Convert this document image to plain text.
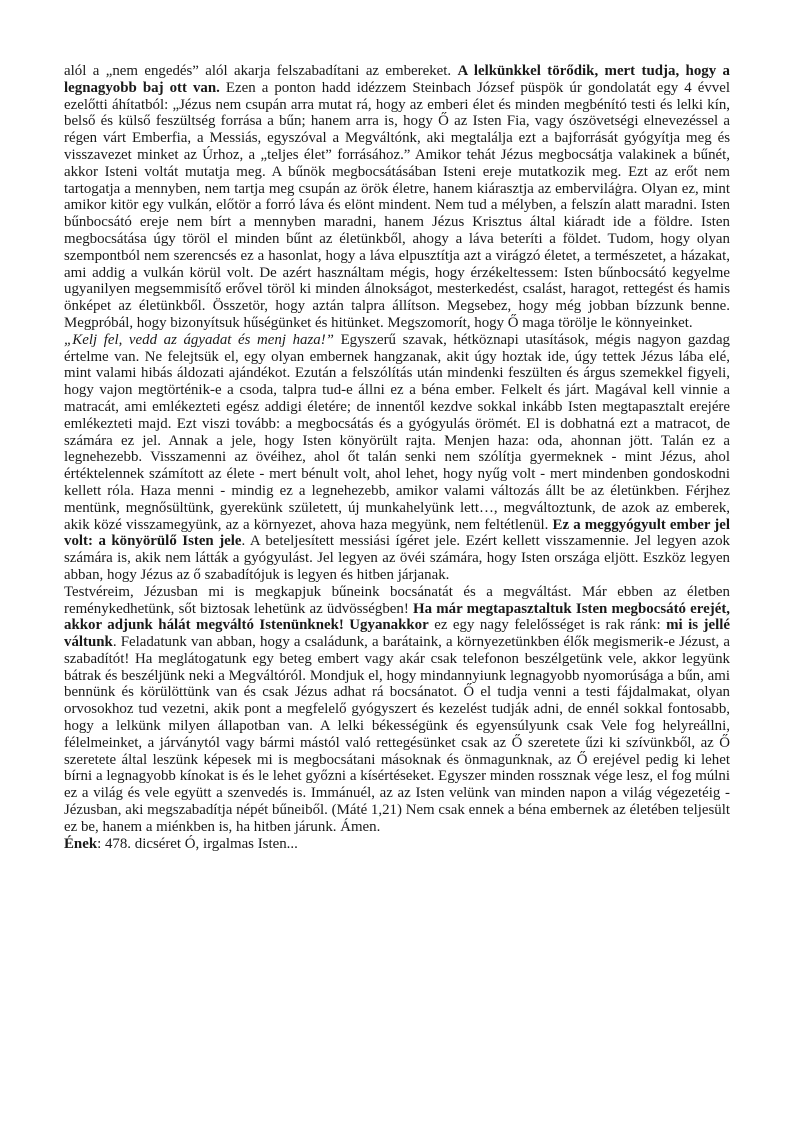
alól a „nem engedés” alól akarja felszabadítani az embereket. A lelkünkkel törődik, mert tudja, hogy a legnagyobb baj ott van. Ezen a ponton hadd idézzem Steinbach József püspök úr gondolatát egy 4 évvel ezelőtti áhítatból: „Jézus nem csupán arra mutat rá, hogy az emberi élet és minden megbénító testi és lelki kín, belső és külső feszültség forrása a bűn; hanem arra is, hogy Ő az Isten Fia, vagy ószövetségi elnevezéssel a régen várt Emberfia, a Messiás, egyszóval a Megváltónk, aki megtalálja ezt a bajforrását gyógyítja meg és visszavezet minket az Úrhoz, a „teljes élet” forrásához.” Amikor tehát Jézus megbocsátja valakinek a bűnét, akkor Isteni voltát mutatja meg. A bűnök megbocsátásában Isteni ereje mutatkozik meg. Ezt az erőt nem tartogatja a mennyben, nem tartja meg csupán az örök életre, hanem kiárasztja az emberviláġra. Olyan ez, mint amikor kitör egy vulkán, előtör a forró láva és elönt mindent. Nem tud a mélyben, a felszín alatt maradni. Isten bűnbocsátó ereje nem bírt a mennyben maradni, hanem Jézus Krisztus által kiáradt ide a földre. Isten megbocsátása úgy töröl el minden bűnt az életünkből, ahogy a láva beteríti a földet. Tudom, hogy olyan szempontból nem szerencsés ez a hasonlat, hogy a láva elpusztítja azt a virágzó életet, a természetet, a házakat, ami addig a vulkán körül volt. De azért használtam mégis, hogy érzékeltessem: Isten bűnbocsátó kegyelme ugyanilyen megsemmisítő erővel töröl ki minden álnokságot, mesterkedést, csalást, haragot, rettegést és hamis önképet az életünkből. Összetör, hogy aztán talpra állítson. Megsebez, hogy még jobban bízzunk benne. Megpróbál, hogy bizonyítsuk hűségünket és hitünket. Megszomorít, hogy Ő maga törölje le könnyeinket.

„Kelj fel, vedd az ágyadat és menj haza!” Egyszerű szavak, hétköznapi utasítások, mégis nagyon gazdag értelme van. Ne felejtsük el, egy olyan embernek hangzanak, akit úgy hoztak ide, úgy tettek Jézus lába elé, mint valami hibás áldozati ajándékot. Ezután a felszólítás után mindenki feszülten és árgus szemekkel figyeli, hogy vajon megtörténik-e a csoda, talpra tud-e állni ez a béna ember. Felkelt és járt. Magával kell vinnie a matracát, ami emlékezteti egész addigi életére; de innentől kezdve sokkal inkább Isten megtapasztalt erejére emlékezteti majd. Ezt viszi tovább: a megbocsátás és a gyógyulás örömét. El is dobhatná ezt a matracot, de számára ez jel. Annak a jele, hogy Isten könyörült rajta. Menjen haza: oda, ahonnan jött. Talán ez a legnehezebb. Visszamenni az övéihez, ahol őt talán senki nem szólítja gyermeknek - mint Jézus, ahol értéktelennek számított az élete - mert bénult volt, ahol lehet, hogy nyűg volt - mert mindenben gondoskodni kellett róla. Haza menni - mindig ez a legnehezebb, amikor valami változás állt be az életünkben. Férjhez mentünk, megnősültünk, gyerekünk született, új munkahelyünk lett…, megváltoztunk, de azok az emberek, akik közé visszamegyünk, az a környezet, ahova haza megyünk, nem feltétlenül. Ez a meggyógyult ember jel volt: a könyörülő Isten jele. A beteljesített messiási ígéret jele. Ezért kellett visszamennie. Jel legyen azok számára is, akik nem látták a gyógyulást. Jel legyen az övéi számára, hogy Isten országa eljött. Eszköz legyen abban, hogy Jézus az ő szabadítójuk is legyen és hitben járjanak.

Testvéreim, Jézusban mi is megkapjuk bűneink bocsánatát és a megváltást. Már ebben az életben reménykedhetünk, sőt biztosak lehetünk az üdvösségben! Ha már megtapasztaltuk Isten megbocsátó erejét, akkor adjunk hálát megváltó Istenünknek! Ugyanakkor ez egy nagy felelősséget is rak ránk: mi is jellé váltunk. Feladatunk van abban, hogy a családunk, a barátaink, a környezetünkben élők megismerik-e Jézust, a szabadítót! Ha meglátogatunk egy beteg embert vagy akár csak telefonon beszélgetünk vele, akkor legyünk bátrak és beszéljünk neki a Megváltóról. Mondjuk el, hogy mindannyiunk legnagyobb nyomorúsága a bűn, ami bennünk és körülöttünk van és csak Jézus adhat rá bocsánatot. Ő el tudja venni a testi fájdalmakat, olyan orvosokhoz tud vezetni, akik pont a megfelelő gyógyszert és kezelést tudják adni, de ennél sokkal fontosabb, hogy a lelkünk milyen állapotban van. A lelki békességünk és egyensúlyunk csak Vele fog helyreállni, félelmeinket, a járványtól vagy bármi mástól való rettegésünket csak az Ő szeretete űzi ki szívünkből, az Ő szeretete által leszünk képesek mi is megbocsátani másoknak és önmagunknak, az Ő erejével pedig ki lehet bírni a legnagyobb kínokat is és le lehet győzni a kísértéseket. Egyszer minden rossznak vége lesz, el fog múlni ez a világ és vele együtt a szenvedés is. Immánuél, az az Isten velünk van minden napon a világ végezetéig - Jézusban, aki megszabadítja népét bűneiből. (Máté 1,21) Nem csak ennek a béna embernek az életében teljesült ez be, hanem a miénkben is, ha hitben járunk. Ámen.

Ének: 478. dicséret Ó, irgalmas Isten...
